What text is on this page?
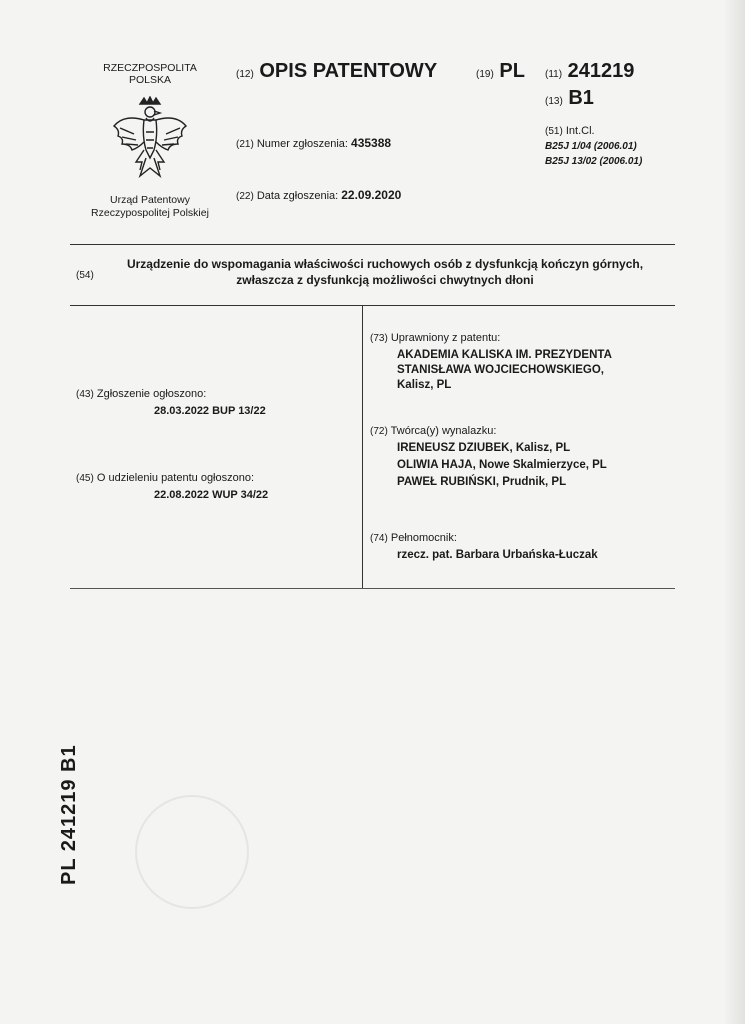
RZECZPOSPOLITA
POLSKA
Urząd Patentowy
Rzeczypospolitej Polskiej
(12) OPIS PATENTOWY	(19) PL (11) 241219
(13) B1
(21) Numer zgłoszenia: 435388
(22) Data zgłoszenia: 22.09.2020
(51) Int.Cl.
B25J 1/04 (2006.01)
B25J 13/02 (2006.01)
(54)
Urządzenie do wspomagania właściwości ruchowych osób z dysfunkcją kończyn górnych, zwłaszcza z dysfunkcją możliwości chwytnych dłoni
(43) Zgłoszenie ogłoszono:
28.03.2022 BUP 13/22
(45) O udzieleniu patentu ogłoszono:
22.08.2022 WUP 34/22
(73) Uprawniony z patentu:
AKADEMIA KALISKA IM. PREZYDENTA
STANISŁAWA WOJCIECHOWSKIEGO,
Kalisz, PL
(72) Twórca(y) wynalazku:
IRENEUSZ DZIUBEK, Kalisz, PL
OLIWIA HAJA, Nowe Skalmierzyce, PL
PAWEŁ RUBIŃSKI, Prudnik, PL
(74) Pełnomocnik:
rzecz. pat. Barbara Urbańska-Łuczak
PL 241219 B1
